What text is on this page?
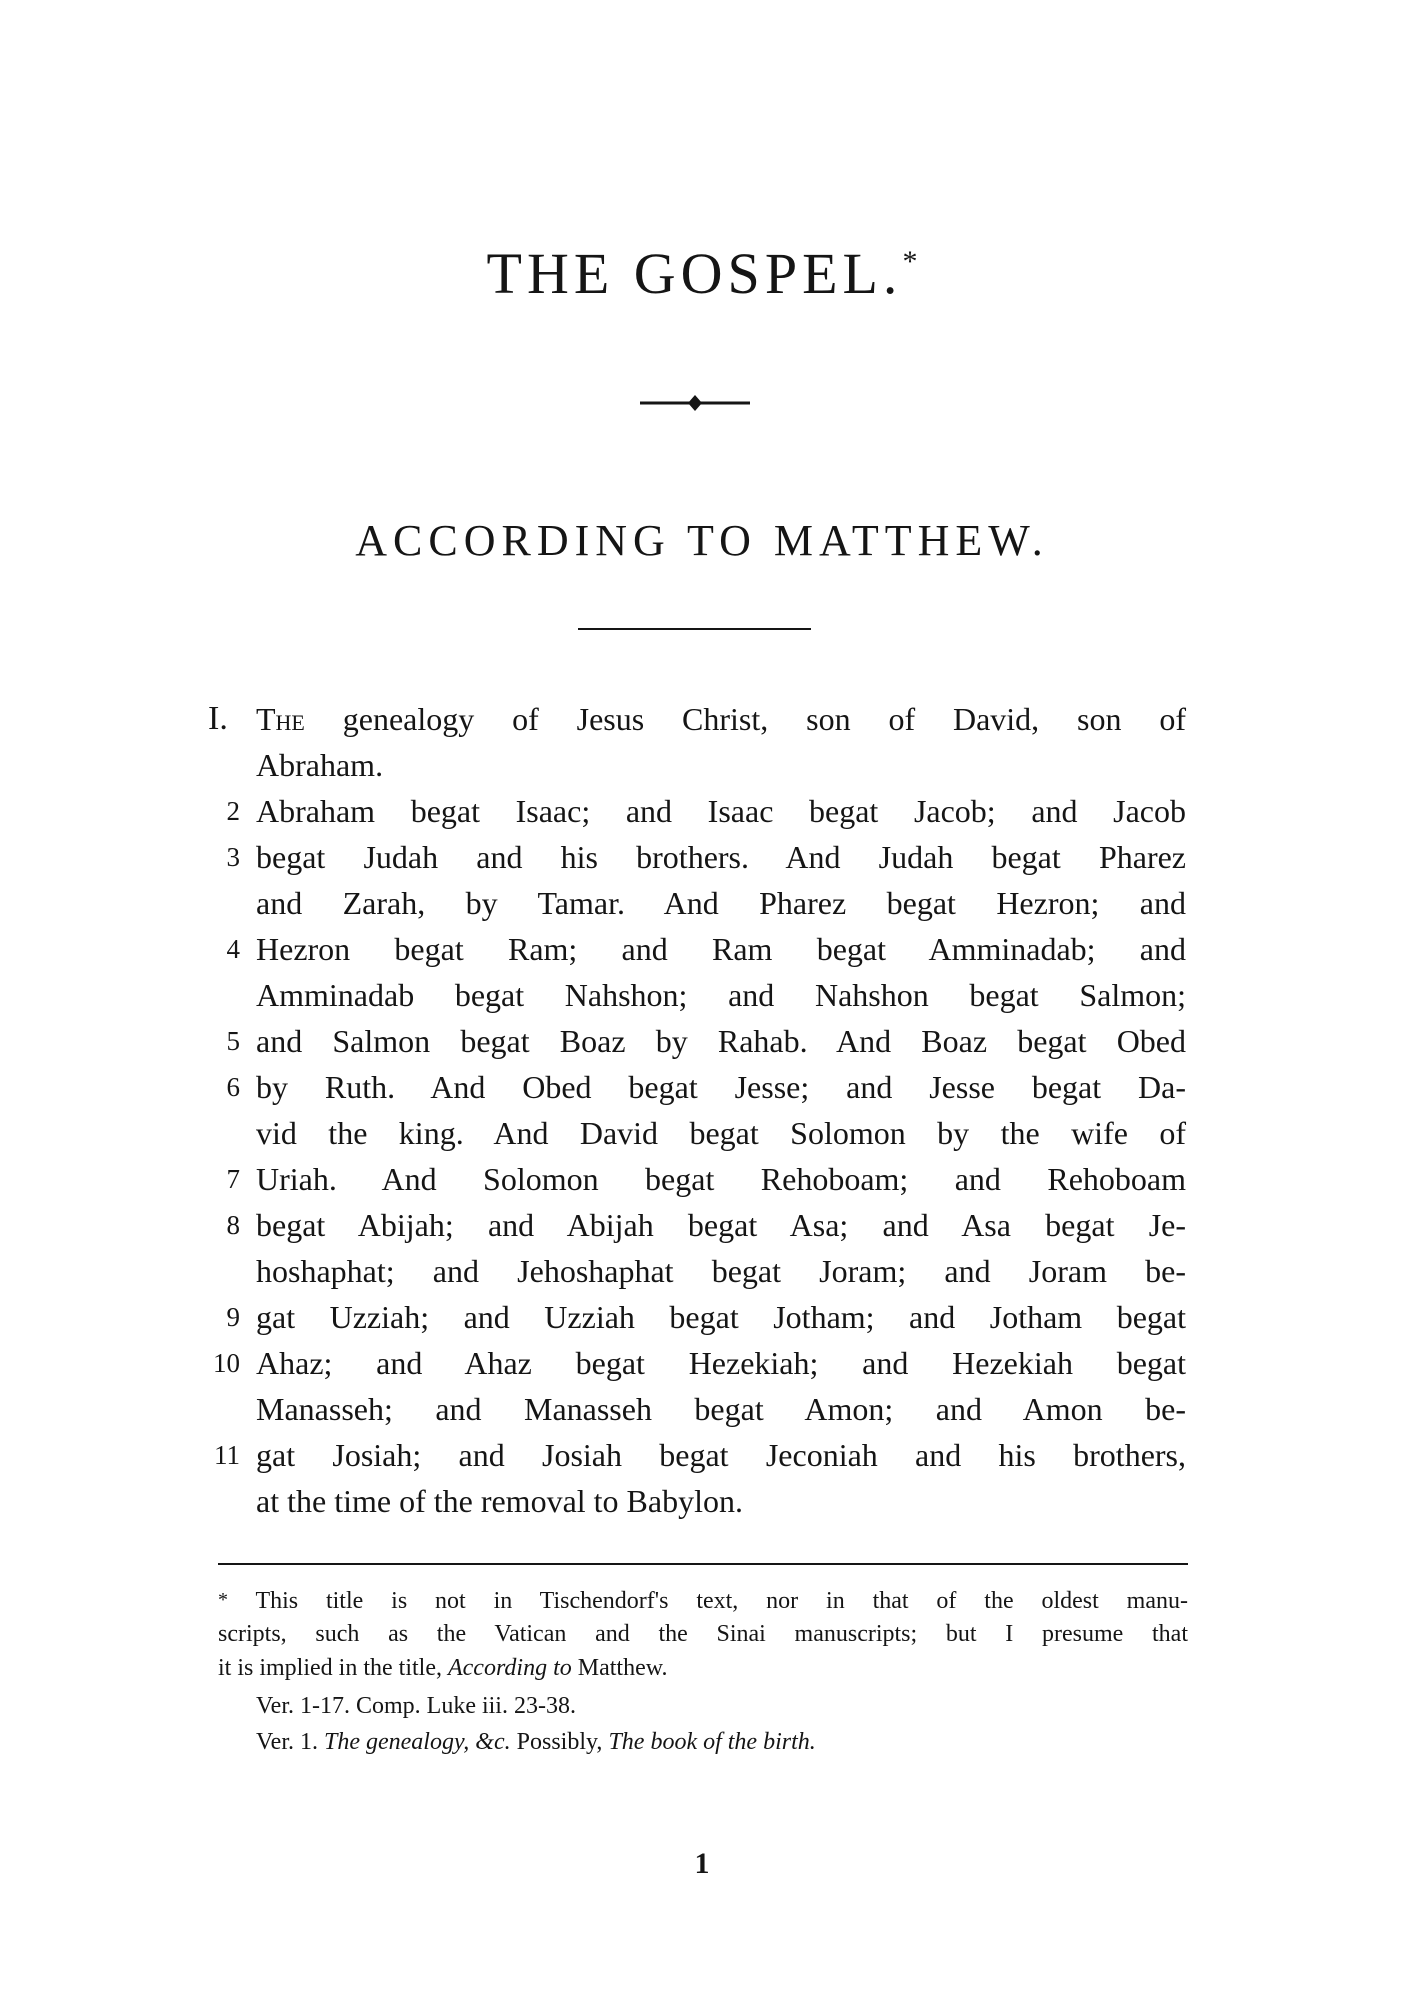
THE GOSPEL.*
ACCORDING TO MATTHEW.
I. The genealogy of Jesus Christ, son of David, son of
Abraham.
2 Abraham begat Isaac; and Isaac begat Jacob; and Jacob
3 begat Judah and his brothers. And Judah begat Pharez
and Zarah, by Tamar. And Pharez begat Hezron; and
4 Hezron begat Ram; and Ram begat Amminadab; and
Amminadab begat Nahshon; and Nahshon begat Salmon;
5 and Salmon begat Boaz by Rahab. And Boaz begat Obed
6 by Ruth. And Obed begat Jesse; and Jesse begat Da-
vid the king. And David begat Solomon by the wife of
7 Uriah. And Solomon begat Rehoboam; and Rehoboam
8 begat Abijah; and Abijah begat Asa; and Asa begat Je-
hoshaphat; and Jehoshaphat begat Joram; and Joram be-
9 gat Uzziah; and Uzziah begat Jotham; and Jotham begat
10 Ahaz; and Ahaz begat Hezekiah; and Hezekiah begat
Manasseh; and Manasseh begat Amon; and Amon be-
11 gat Josiah; and Josiah begat Jeconiah and his brothers,
at the time of the removal to Babylon.
* This title is not in Tischendorf's text, nor in that of the oldest manu-
scripts, such as the Vatican and the Sinai manuscripts; but I presume that
it is implied in the title, According to Matthew.
Ver. 1-17. Comp. Luke iii. 23-38.
Ver. 1. The genealogy, &c. Possibly, The book of the birth.
1
